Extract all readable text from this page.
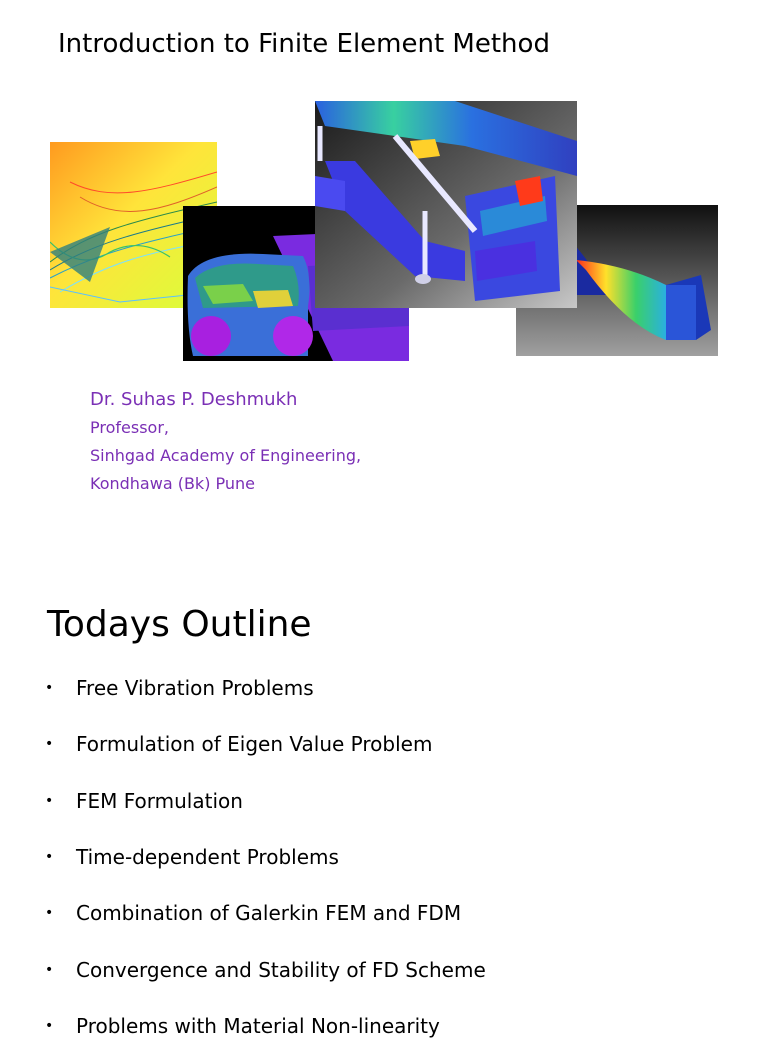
Introduction to Finite Element Method
Dr. Suhas P. Deshmukh
Professor,
Sinhgad Academy of Engineering,
Kondhawa (Bk) Pune
Todays Outline
•	Free Vibration Problems
•	Formulation of Eigen Value Problem
•	FEM Formulation
•	Time-dependent Problems
•	Combination of Galerkin FEM and FDM
•	Convergence and Stability of FD Scheme
•	Problems with Material Non-linearity
